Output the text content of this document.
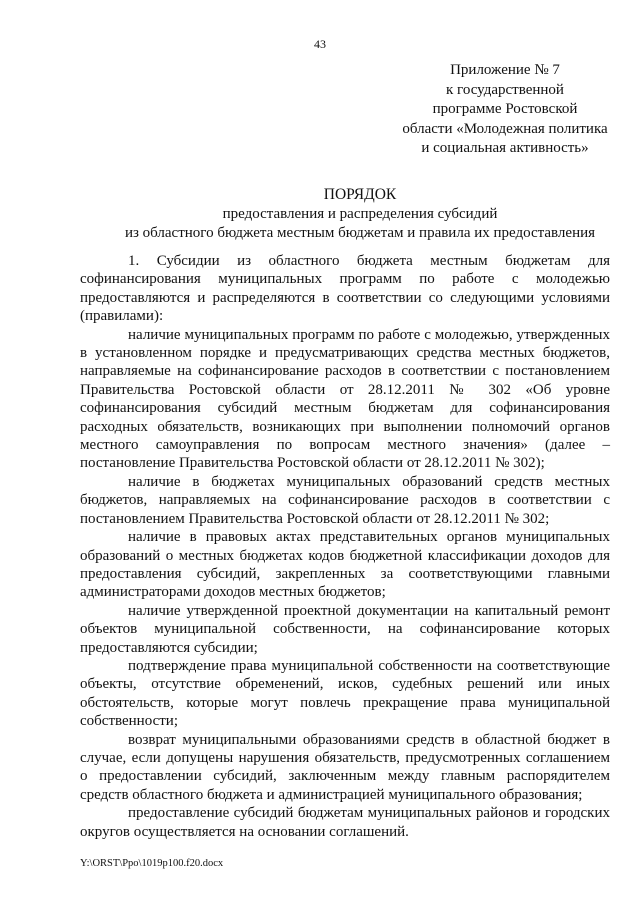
43
Приложение № 7
к государственной
программе Ростовской
области «Молодежная политика
и социальная активность»
ПОРЯДОК
предоставления и распределения субсидий
из областного бюджета местным бюджетам и правила их предоставления

1. Субсидии из областного бюджета местным бюджетам для софинансирования муниципальных программ по работе с молодежью предоставляются и распределяются в соответствии со следующими условиями (правилами):

наличие муниципальных программ по работе с молодежью, утвержденных в установленном порядке и предусматривающих средства местных бюджетов, направляемые на софинансирование расходов в соответствии с постановлением Правительства Ростовской области от 28.12.2011 № 302 «Об уровне софинансирования субсидий местным бюджетам для софинансирования расходных обязательств, возникающих при выполнении полномочий органов местного самоуправления по вопросам местного значения» (далее – постановление Правительства Ростовской области от 28.12.2011 № 302);

наличие в бюджетах муниципальных образований средств местных бюджетов, направляемых на софинансирование расходов в соответствии с постановлением Правительства Ростовской области от 28.12.2011 № 302;

наличие в правовых актах представительных органов муниципальных образований о местных бюджетах кодов бюджетной классификации доходов для предоставления субсидий, закрепленных за соответствующими главными администраторами доходов местных бюджетов;

наличие утвержденной проектной документации на капитальный ремонт объектов муниципальной собственности, на софинансирование которых предоставляются субсидии;

подтверждение права муниципальной собственности на соответствующие объекты, отсутствие обременений, исков, судебных решений или иных обстоятельств, которые могут повлечь прекращение права муниципальной собственности;

возврат муниципальными образованиями средств в областной бюджет в случае, если допущены нарушения обязательств, предусмотренных соглашением о предоставлении субсидий, заключенным между главным распорядителем средств областного бюджета и администрацией муниципального образования;

предоставление субсидий бюджетам муниципальных районов и городских округов осуществляется на основании соглашений.

Y:\ORST\Ppo\1019p100.f20.docx
